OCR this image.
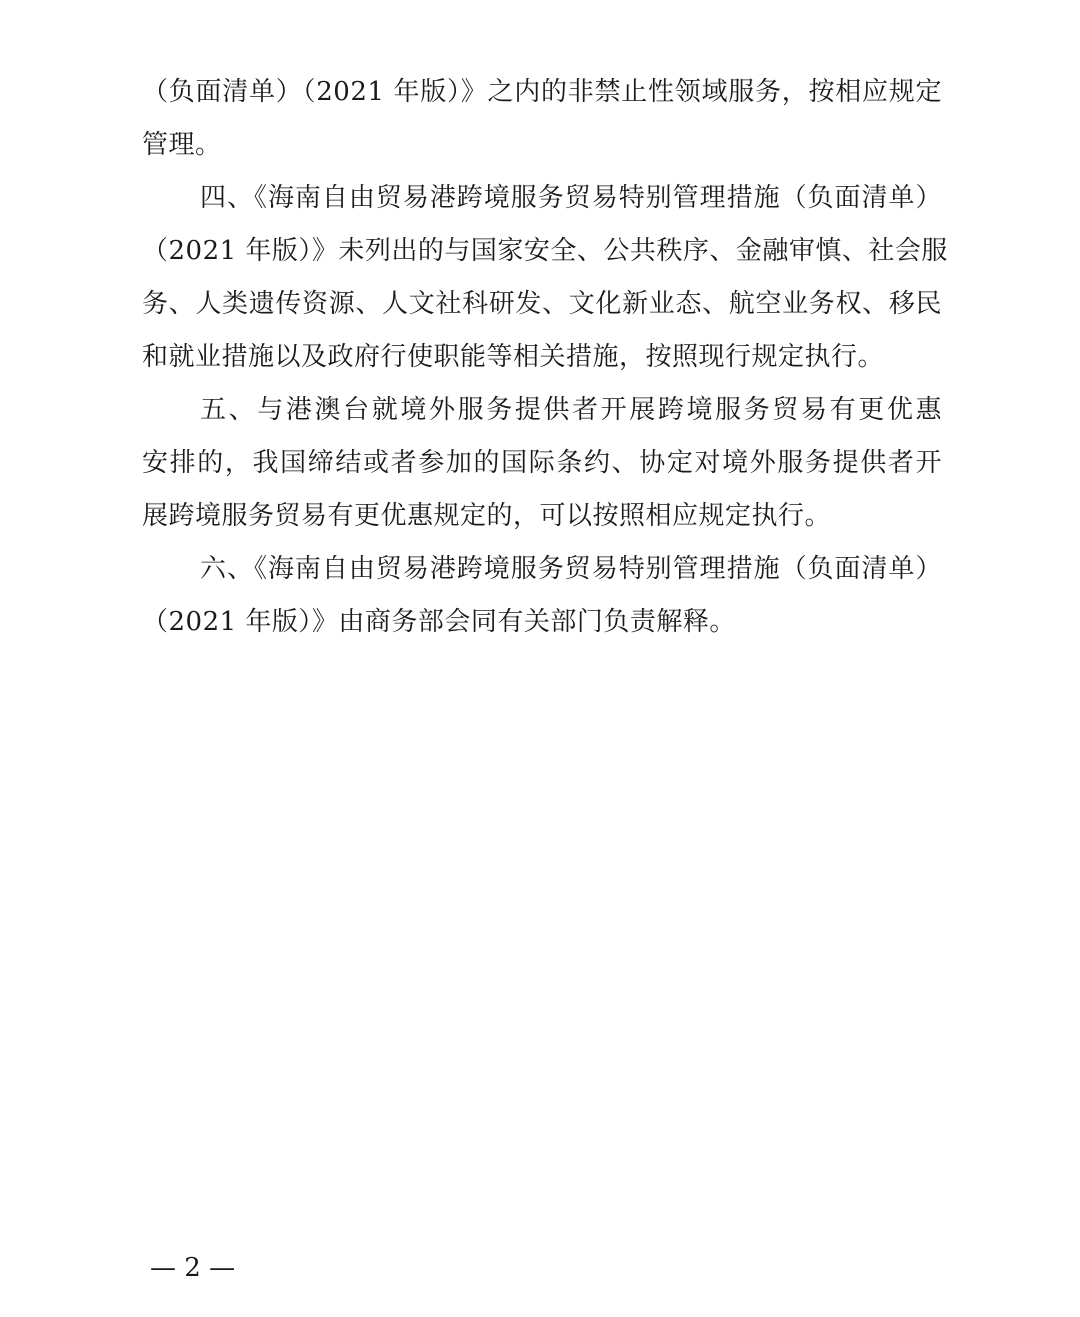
（负面清单）（2021 年版）》之内的非禁止性领域服务，按相应规定
管理。
四、《海南自由贸易港跨境服务贸易特别管理措施（负面清单）
（2021 年版）》未列出的与国家安全、公共秩序、金融审慎、社会服
务、人类遗传资源、人文社科研发、文化新业态、航空业务权、移民
和就业措施以及政府行使职能等相关措施，按照现行规定执行。
五、与港澳台就境外服务提供者开展跨境服务贸易有更优惠
安排的，我国缔结或者参加的国际条约、协定对境外服务提供者开
展跨境服务贸易有更优惠规定的，可以按照相应规定执行。
六、《海南自由贸易港跨境服务贸易特别管理措施（负面清单）
（2021 年版）》由商务部会同有关部门负责解释。
— 2 —
